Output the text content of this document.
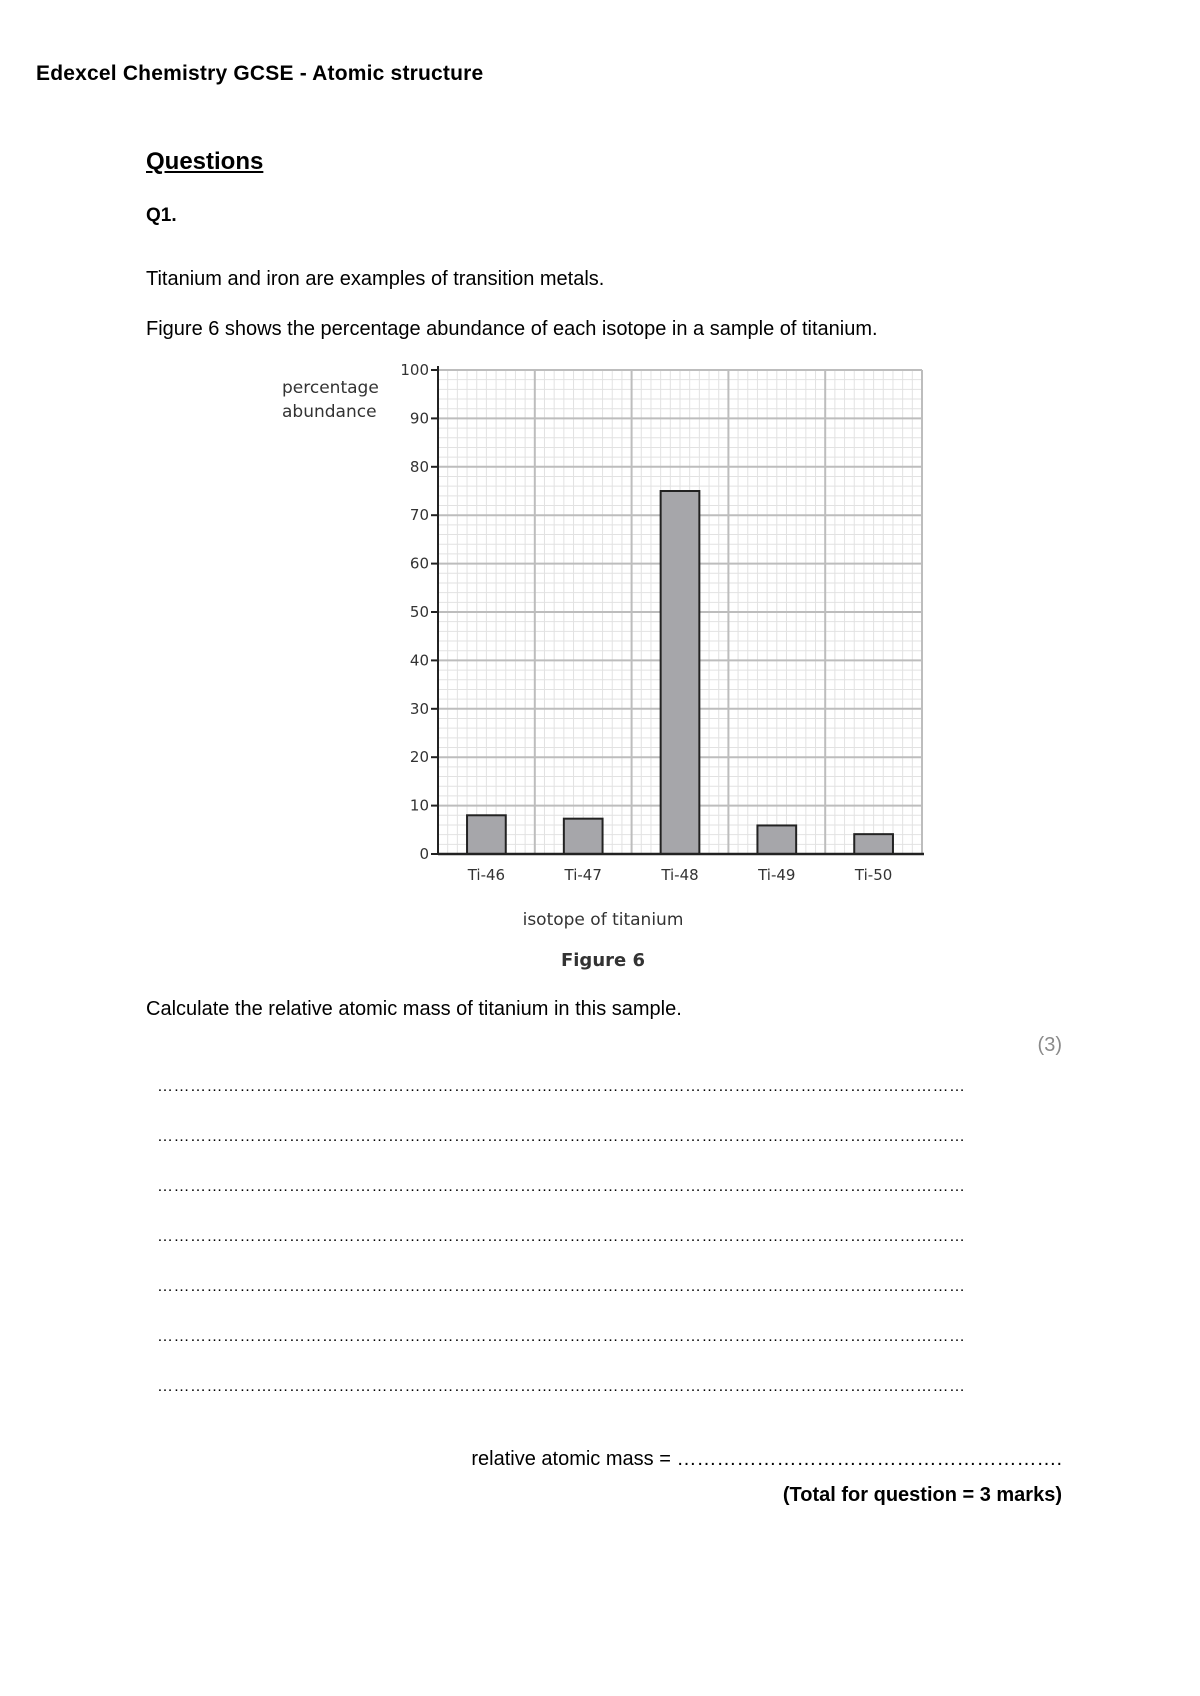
Edexcel Chemistry GCSE - Atomic structure
Questions
Q1.
Titanium and iron are examples of transition metals.
Figure 6 shows the percentage abundance of each isotope in a sample of titanium.
0
10
20
30
40
50
60
70
80
90
100
Ti-46	Ti-47	Ti-48	Ti-49	Ti-50
percentage
abundance
isotope of titanium
Figure 6
Calculate the relative atomic mass of titanium in this sample.
(3)
…………………………………………………………………………………………………………………………………
…………………………………………………………………………………………………………………………………
…………………………………………………………………………………………………………………………………
…………………………………………………………………………………………………………………………………
…………………………………………………………………………………………………………………………………
…………………………………………………………………………………………………………………………………
…………………………………………………………………………………………………………………………………
relative atomic mass = ………………………………………………….
(Total for question = 3 marks)
